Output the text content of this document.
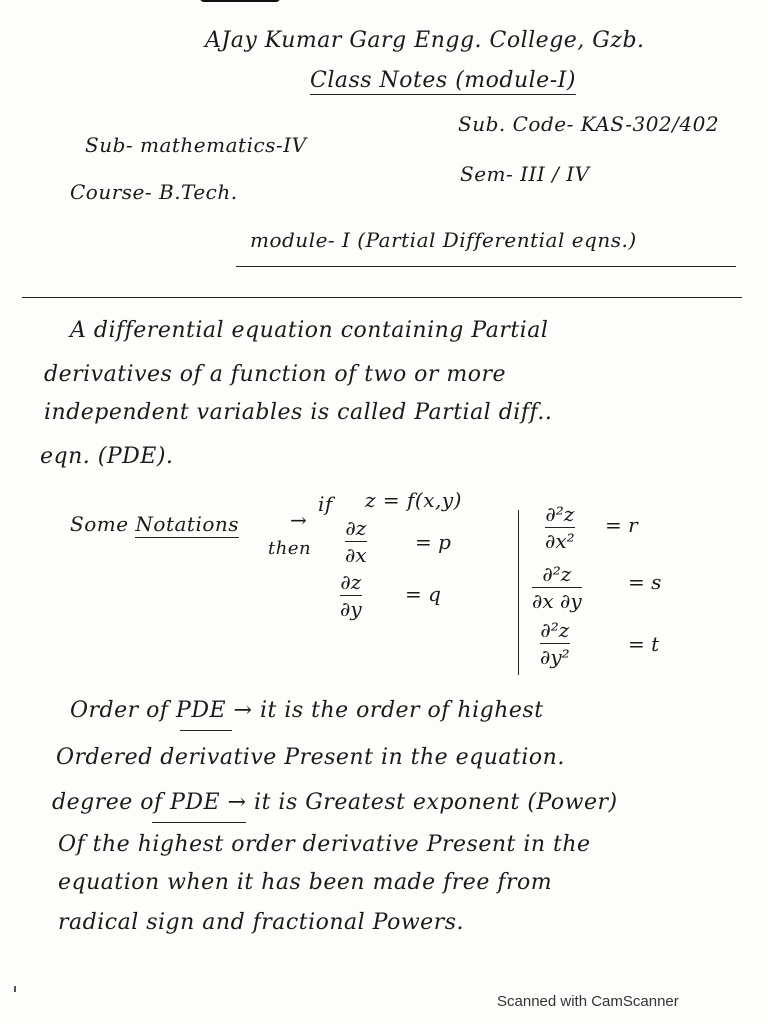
AJay Kumar Garg Engg. College, Gzb.
Class Notes (module-I)
Sub- mathematics-IV
Sub. Code- KAS-302/402
Course- B.Tech.
Sem- III / IV
module- I (Partial Differential eqns.)
A differential equation containing Partial
derivatives of a function of two or more
independent variables is called Partial diff..
eqn. (PDE).
Some Notations	→
if z = f(x,y)
then
∂z
∂x
= p
∂z
∂y
= q
∂²z
∂x²
= r
∂²z
∂x ∂y
= s
∂²z
∂y²
= t
Order of PDE → it is the order of highest
Ordered derivative Present in the equation.
degree of PDE → it is Greatest exponent (Power)
Of the highest order derivative Present in the
equation when it has been made free from
radical sign and fractional Powers.
Scanned with CamScanner
